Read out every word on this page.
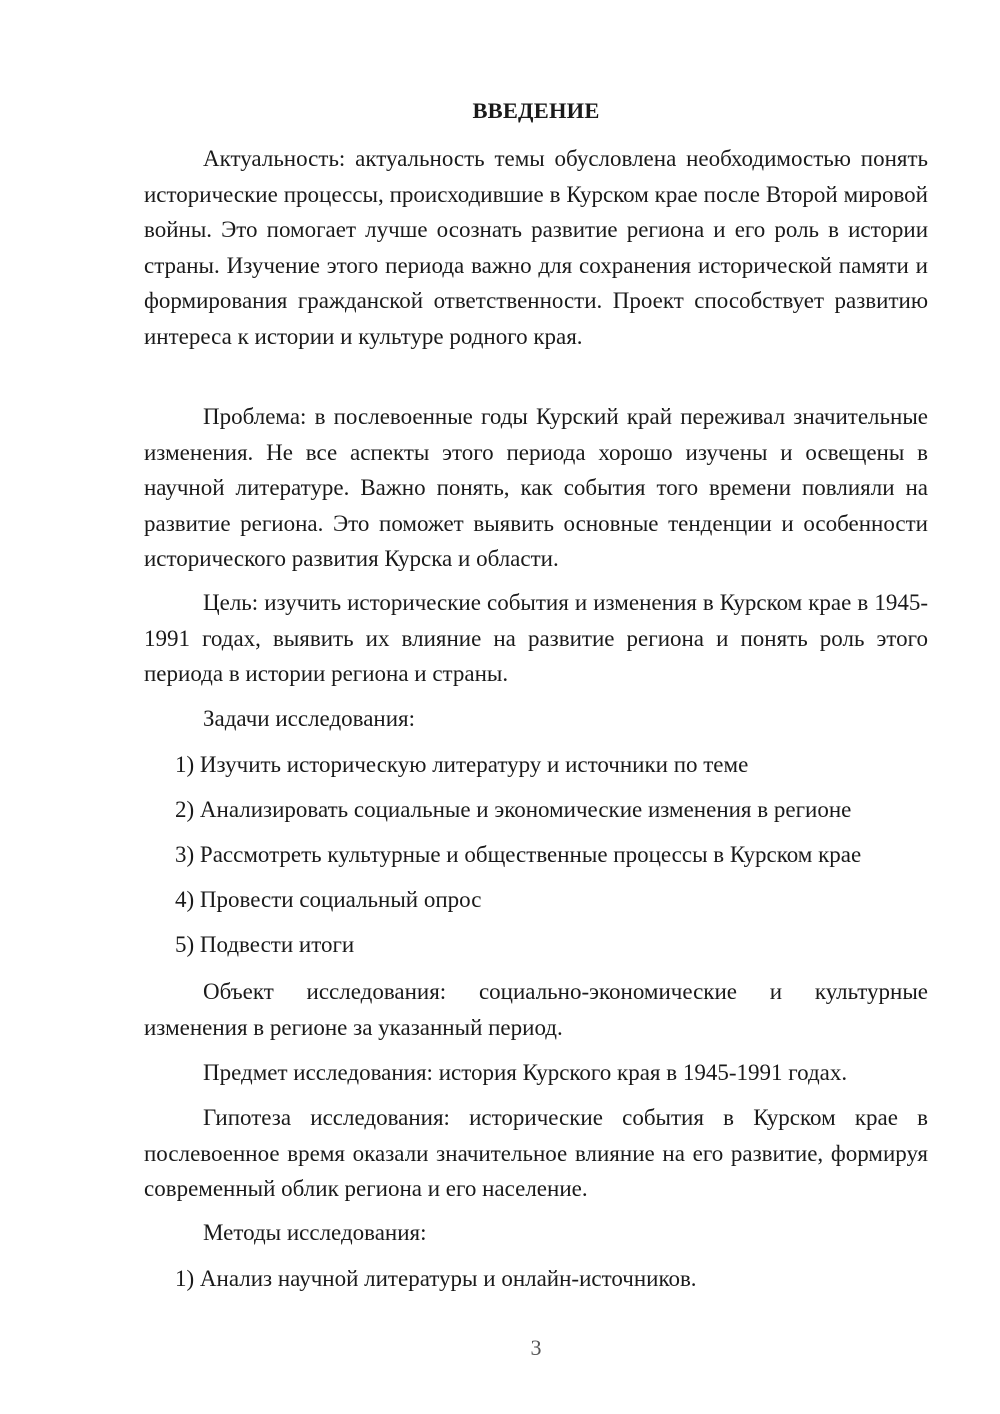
ВВЕДЕНИЕ

Актуальность: актуальность темы обусловлена необходимостью понять исторические процессы, происходившие в Курском крае после Второй мировой войны. Это помогает лучше осознать развитие региона и его роль в истории страны. Изучение этого периода важно для сохранения исторической памяти и формирования гражданской ответственности. Проект способствует развитию интереса к истории и культуре родного края.

Проблема: в послевоенные годы Курский край переживал значительные изменения. Не все аспекты этого периода хорошо изучены и освещены в научной литературе. Важно понять, как события того времени повлияли на развитие региона. Это поможет выявить основные тенденции и особенности исторического развития Курска и области.

Цель: изучить исторические события и изменения в Курском крае в 1945-1991 годах, выявить их влияние на развитие региона и понять роль этого периода в истории региона и страны.

Задачи исследования:

1) Изучить историческую литературу и источники по теме

2) Анализировать социальные и экономические изменения в регионе

3) Рассмотреть культурные и общественные процессы в Курском крае

4) Провести социальный опрос

5) Подвести итоги

Объект исследования: социально-экономические и культурные изменения в регионе за указанный период.

Предмет исследования: история Курского края в 1945-1991 годах.

Гипотеза исследования: исторические события в Курском крае в послевоенное время оказали значительное влияние на его развитие, формируя современный облик региона и его население.

Методы исследования:

1) Анализ научной литературы и онлайн-источников.

3
